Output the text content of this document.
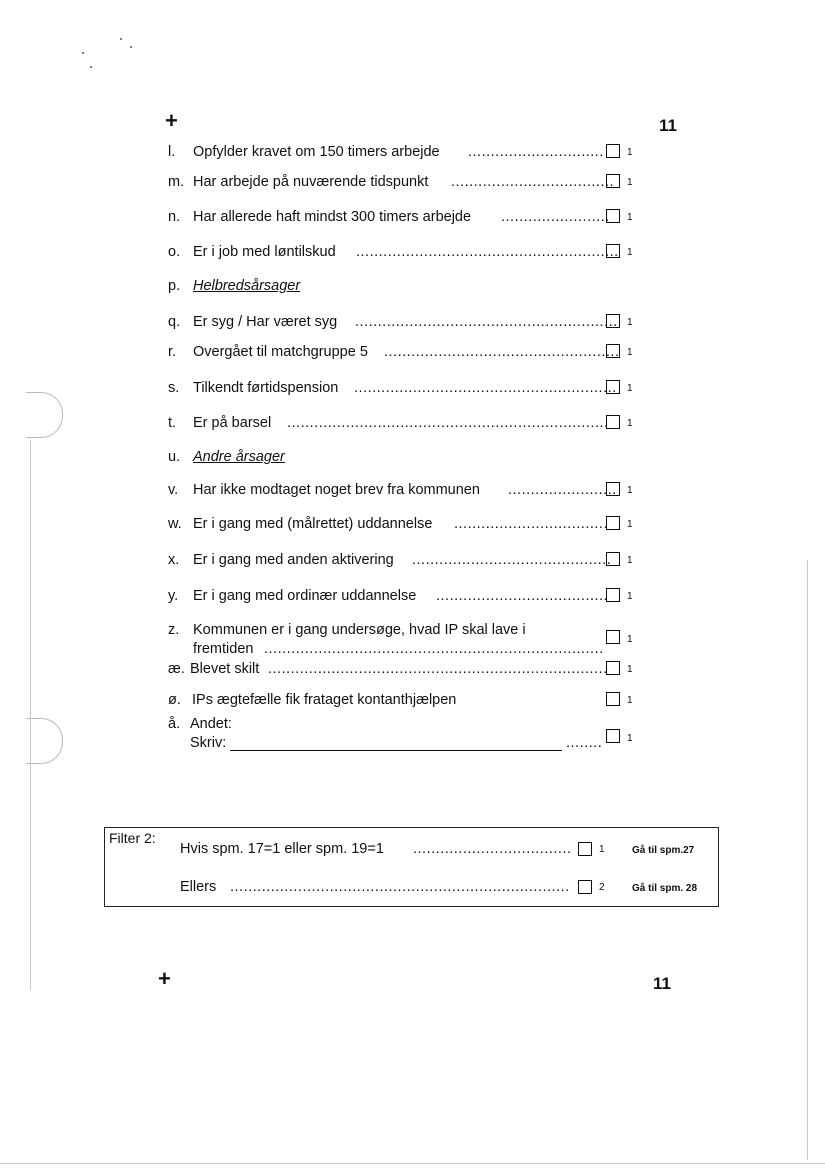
+	11
l.	Opfylder kravet om 150 timers arbejde .............................. 1
m. Har arbejde på nuværende tidspunkt .................................... 1
n. Har allerede haft mindst 300 timers arbejde ........................ 1
o. Er i job med løntilskud .......................................................... 1
p. Helbredsårsager
q. Er syg / Har været syg .......................................................... 1
r.	Overgået til matchgruppe 5 .................................................... 1
s. Tilkendt førtidspension .......................................................... 1
t.	Er på barsel ....................................................................... 1
u. Andre årsager
v.	Har ikke modtaget noget brev fra kommunen ........................ 1
w. Er i gang med (målrettet) uddannelse .................................. 1
x. Er i gang med anden aktivering ............................................ 1
y.	Er i gang med ordinær uddannelse ...................................... 1
z. Kommunen er i gang undersøge, hvad IP skal lave i
fremtiden ...........................................................................
1
æ. Blevet skilt ........................................................................... 1
ø. IPs ægtefælle fik frataget kontanthjælpen	1
å. Andet:
Skriv:	........ 1
Filter 2:
Hvis spm. 17=1 eller spm. 19=1 ...................................	1	Gå til spm.27
Ellers ...........................................................................	2	Gå til spm. 28
+	11
